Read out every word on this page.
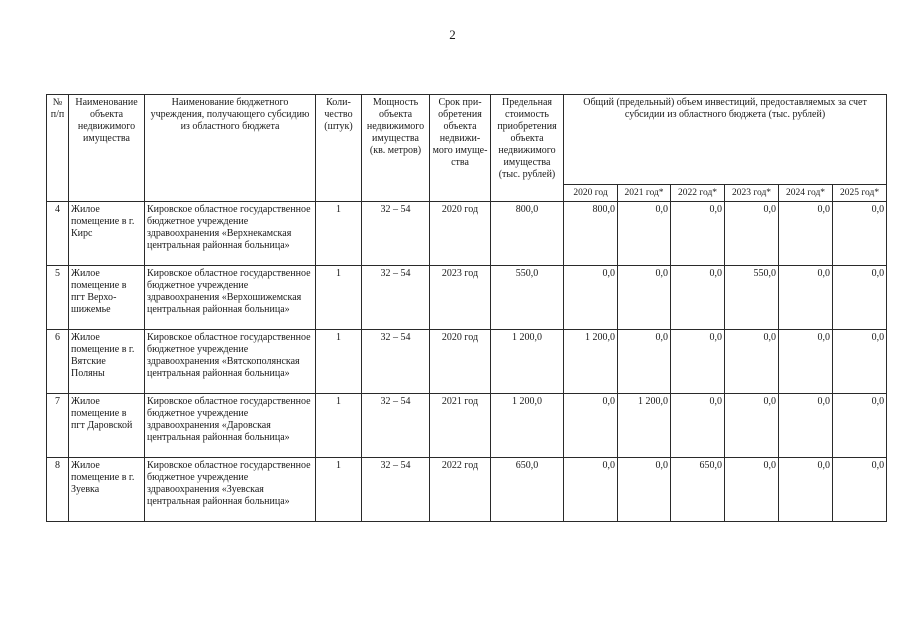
2
№ п/п	Наименование объекта недвижимого имущества	Наименование бюджетного учреждения, получающего субсидию из областного бюджета	Количество (штук)	Мощность объекта недвижимого имущества (кв. метров)	Срок приобретения объекта недвижимого имущества	Предельная стоимость приобретения объекта недвижимого имущества (тыс. рублей)	Общий (предельный) объем инвестиций, предоставляемых за счет субсидии из областного бюджета (тыс. рублей)					
							2020 год	2021 год*	2022 год*	2023 год*	2024 год*	2025 год*
4	Жилое помещение в г. Кирс	Кировское областное государственное бюджетное учреждение здравоохранения «Верхнекамская центральная районная больница»	1	32 – 54	2020 год	800,0	800,0	0,0	0,0	0,0	0,0	0,0
5	Жилое помещение в пгт Верхошижемье	Кировское областное государственное бюджетное учреждение здравоохранения «Верхошижемская центральная районная больница»	1	32 – 54	2023 год	550,0	0,0	0,0	0,0	550,0	0,0	0,0
6	Жилое помещение в г. Вятские Поляны	Кировское областное государственное бюджетное учреждение здравоохранения «Вятскополянская центральная районная больница»	1	32 – 54	2020 год	1 200,0	1 200,0	0,0	0,0	0,0	0,0	0,0
7	Жилое помещение в пгт Даровской	Кировское областное государственное бюджетное учреждение здравоохранения «Даровская центральная районная больница»	1	32 – 54	2021 год	1 200,0	0,0	1 200,0	0,0	0,0	0,0	0,0
8	Жилое помещение в г. Зуевка	Кировское областное государственное бюджетное учреждение здравоохранения «Зуевская центральная районная больница»	1	32 – 54	2022 год	650,0	0,0	0,0	650,0	0,0	0,0	0,0
